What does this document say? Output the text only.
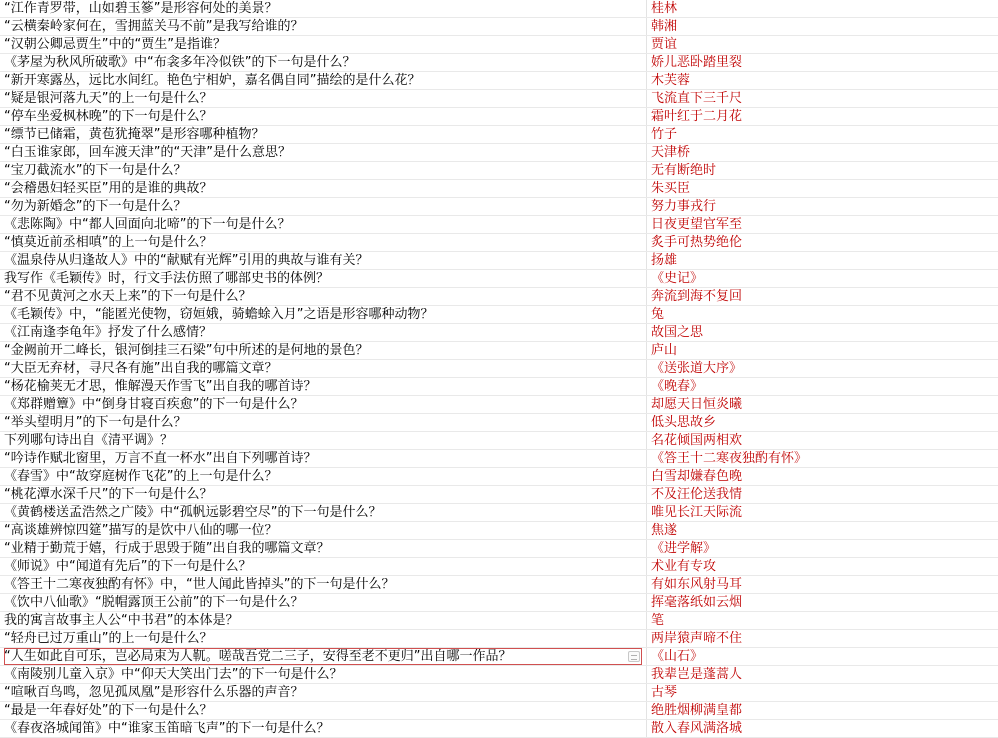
“江作青罗带，山如碧玉篸”是形容何处的美景？	桂林
“云横秦岭家何在，雪拥蓝关马不前”是我写给谁的？	韩湘
“汉朝公卿忌贾生”中的“贾生”是指谁？	贾谊
《茅屋为秋风所破歌》中“布衾多年冷似铁”的下一句是什么？	娇儿恶卧踏里裂
“新开寒露丛，远比水间红。艳色宁相妒，嘉名偶自同”描绘的是什么花？	木芙蓉
“疑是银河落九天”的上一句是什么？	飞流直下三千尺
“停车坐爱枫林晚”的下一句是什么？	霜叶红于二月花
“缥节已储霜，黄苞犹掩翠”是形容哪种植物？	竹子
“白玉谁家郎，回车渡天津”的“天津”是什么意思？	天津桥
“宝刀截流水”的下一句是什么？	无有断绝时
“会稽愚妇轻买臣”用的是谁的典故？	朱买臣
“勿为新婚念”的下一句是什么？	努力事戎行
《悲陈陶》中“都人回面向北啼”的下一句是什么？	日夜更望官军至
“慎莫近前丞相嗔”的上一句是什么？	炙手可热势绝伦
《温泉侍从归逢故人》中的“献赋有光辉”引用的典故与谁有关？	扬雄
我写作《毛颖传》时，行文手法仿照了哪部史书的体例？	《史记》
“君不见黄河之水天上来”的下一句是什么？	奔流到海不复回
《毛颖传》中，“能匿光使物，窃姮娥，骑蟾蜍入月”之语是形容哪种动物？	兔
《江南逢李龟年》抒发了什么感情？	故国之思
“金阙前开二峰长，银河倒挂三石梁”句中所述的是何地的景色？	庐山
“大臣无弃材，寻尺各有施”出自我的哪篇文章？	《送张道大序》
“杨花榆荚无才思，惟解漫天作雪飞”出自我的哪首诗？	《晚春》
《郑群赠簟》中“倒身甘寝百疾愈”的下一句是什么？	却愿天日恒炎曦
“举头望明月”的下一句是什么？	低头思故乡
下列哪句诗出自《清平调》？	名花倾国两相欢
“吟诗作赋北窗里，万言不直一杯水”出自下列哪首诗？	《答王十二寒夜独酌有怀》
《春雪》中“故穿庭树作飞花”的上一句是什么？	白雪却嫌春色晚
“桃花潭水深千尺”的下一句是什么？	不及汪伦送我情
《黄鹤楼送孟浩然之广陵》中“孤帆远影碧空尽”的下一句是什么？	唯见长江天际流
“高谈雄辨惊四筵”描写的是饮中八仙的哪一位？	焦遂
“业精于勤荒于嬉，行成于思毁于随”出自我的哪篇文章？	《进学解》
《师说》中“闻道有先后”的下一句是什么？	术业有专攻
《答王十二寒夜独酌有怀》中，“世人闻此皆掉头”的下一句是什么？	有如东风射马耳
《饮中八仙歌》“脱帽露顶王公前”的下一句是什么？	挥毫落纸如云烟
我的寓言故事主人公“中书君”的本体是？	笔
“轻舟已过万重山”的上一句是什么？	两岸猿声啼不住
“人生如此自可乐，岂必局束为人靰。嗟哉吾党二三子，安得至老不更归”出自哪一作品？	《山石》
《南陵别儿童入京》中“仰天大笑出门去”的下一句是什么？	我辈岂是蓬蒿人
“喧啾百鸟鸣，忽见孤凤凰”是形容什么乐器的声音？	古琴
“最是一年春好处”的下一句是什么？	绝胜烟柳满皇都
《春夜洛城闻笛》中“谁家玉笛暗飞声”的下一句是什么？	散入春风满洛城
